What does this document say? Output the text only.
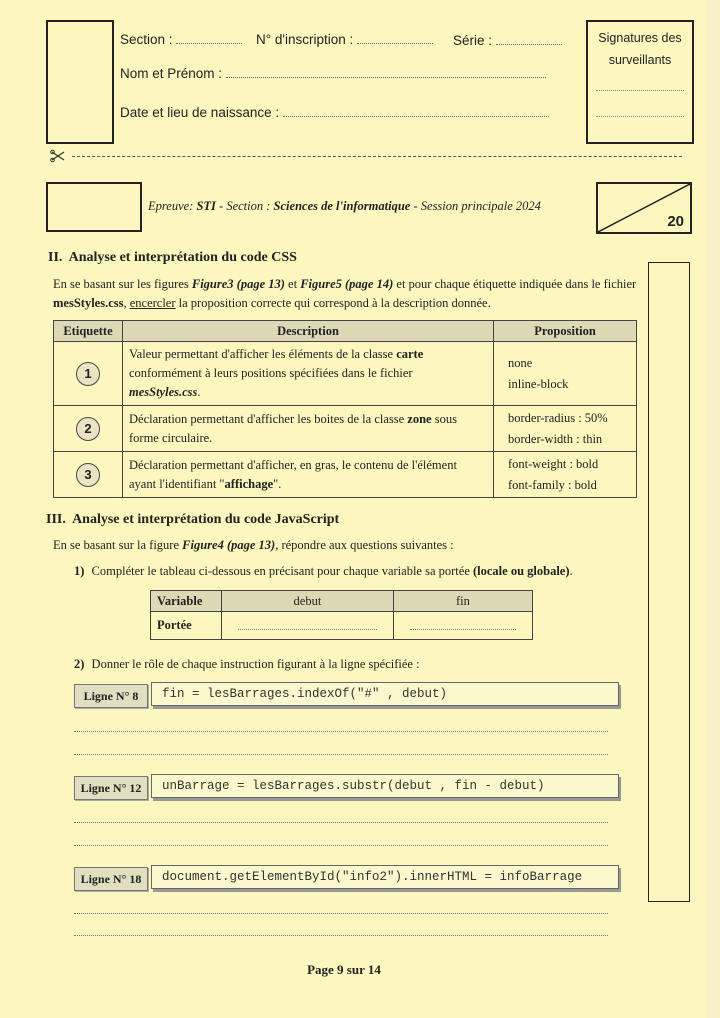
Section :	N° d'inscription :	Série :
Nom et Prénom :
Date et lieu de naissance :
Signatures des surveillants
Epreuve: STI - Section : Sciences de l'informatique - Session principale 2024
20
II.  Analyse et interprétation du code CSS
En se basant sur les figures Figure3 (page 13) et Figure5 (page 14) et pour chaque étiquette indiquée dans le fichier mesStyles.css, encercler la proposition correcte qui correspond à la description donnée.
Etiquette	Description	Proposition

1	Valeur permettant d'afficher les éléments de la classe carte conformément à leurs positions spécifiées dans le fichier mesStyles.css.	none
inline-block

2	Déclaration permettant d'afficher les boites de la classe zone sous forme circulaire.	border-radius : 50%
border-width : thin

3	Déclaration permettant d'afficher, en gras, le contenu de l'élément ayant l'identifiant "affichage".	font-weight : bold
font-family : bold
III.  Analyse et interprétation du code JavaScript
En se basant sur la figure Figure4 (page 13), répondre aux questions suivantes :
1) Compléter le tableau ci-dessous en précisant pour chaque variable sa portée (locale ou globale).
Variable	debut	fin
Portée	

2) Donner le rôle de chaque instruction figurant à la ligne spécifiée :
Ligne N° 8	fin = lesBarrages.indexOf("#" , debut)
Ligne N° 12	unBarrage = lesBarrages.substr(debut , fin - debut)
Ligne N° 18	document.getElementById("info2").innerHTML = infoBarrage
Page 9 sur 14
